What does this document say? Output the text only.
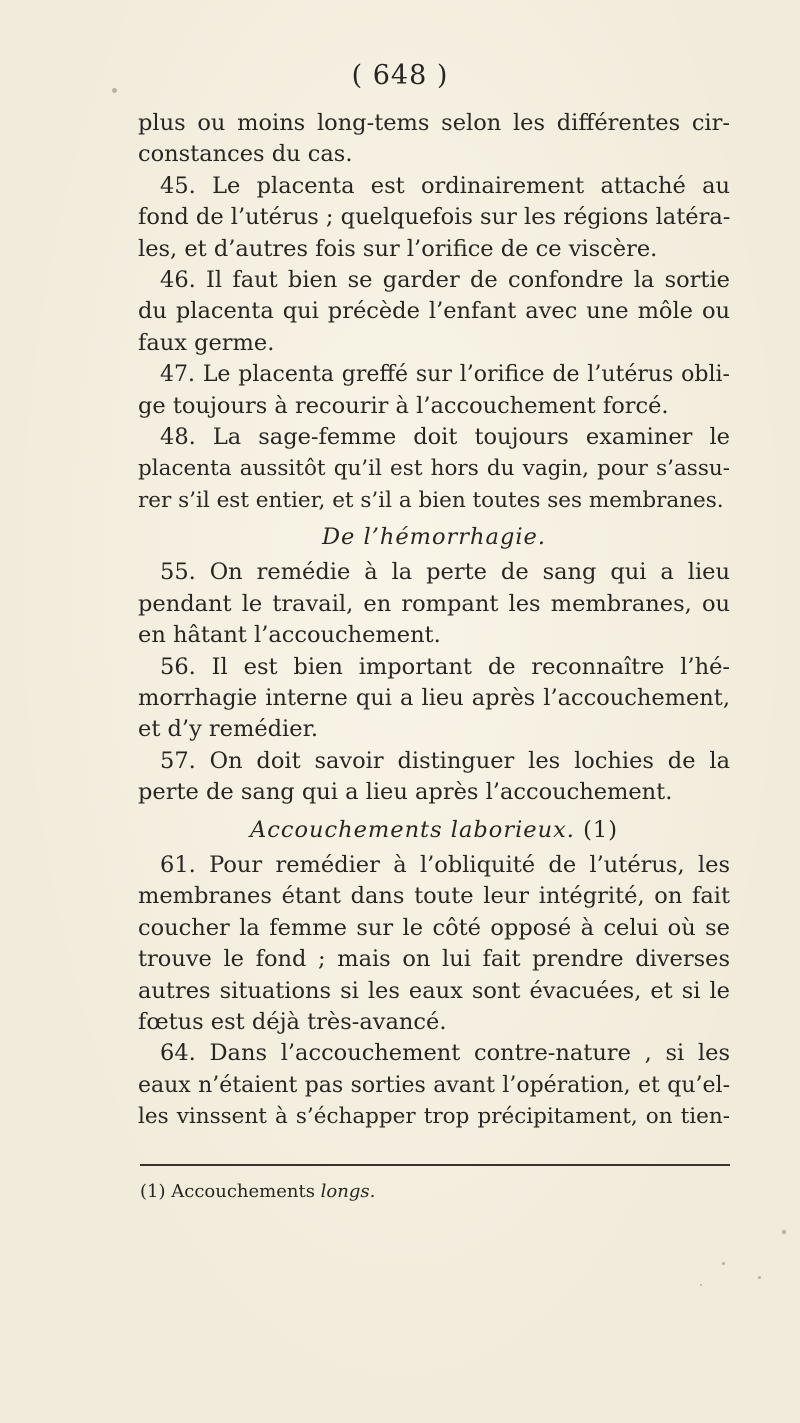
( 648 )
plus ou moins long-tems selon les différentes cir-
constances du cas.
45. Le placenta est ordinairement attaché au
fond de l’utérus ; quelquefois sur les régions latéra-
les, et d’autres fois sur l’orifice de ce viscère.
46. Il faut bien se garder de confondre la sortie
du placenta qui précède l’enfant avec une môle ou
faux germe.
47. Le placenta greffé sur l’orifice de l’utérus obli-
ge toujours à recourir à l’accouchement forcé.
48. La sage-femme doit toujours examiner le
placenta aussitôt qu’il est hors du vagin, pour s’assu-
rer s’il est entier, et s’il a bien toutes ses membranes.
De l’hémorrhagie.
55. On remédie à la perte de sang qui a lieu
pendant le travail, en rompant les membranes, ou
en hâtant l’accouchement.
56. Il est bien important de reconnaître l’hé-
morrhagie interne qui a lieu après l’accouchement,
et d’y remédier.
57. On doit savoir distinguer les lochies de la
perte de sang qui a lieu après l’accouchement.
Accouchements laborieux. (1)
61. Pour remédier à l’obliquité de l’utérus, les
membranes étant dans toute leur intégrité, on fait
coucher la femme sur le côté opposé à celui où se
trouve le fond ; mais on lui fait prendre diverses
autres situations si les eaux sont évacuées, et si le
fœtus est déjà très-avancé.
64. Dans l’accouchement contre-nature , si les
eaux n’étaient pas sorties avant l’opération, et qu’el-
les vinssent à s’échapper trop précipitament, on tien-
(1) Accouchements longs.
